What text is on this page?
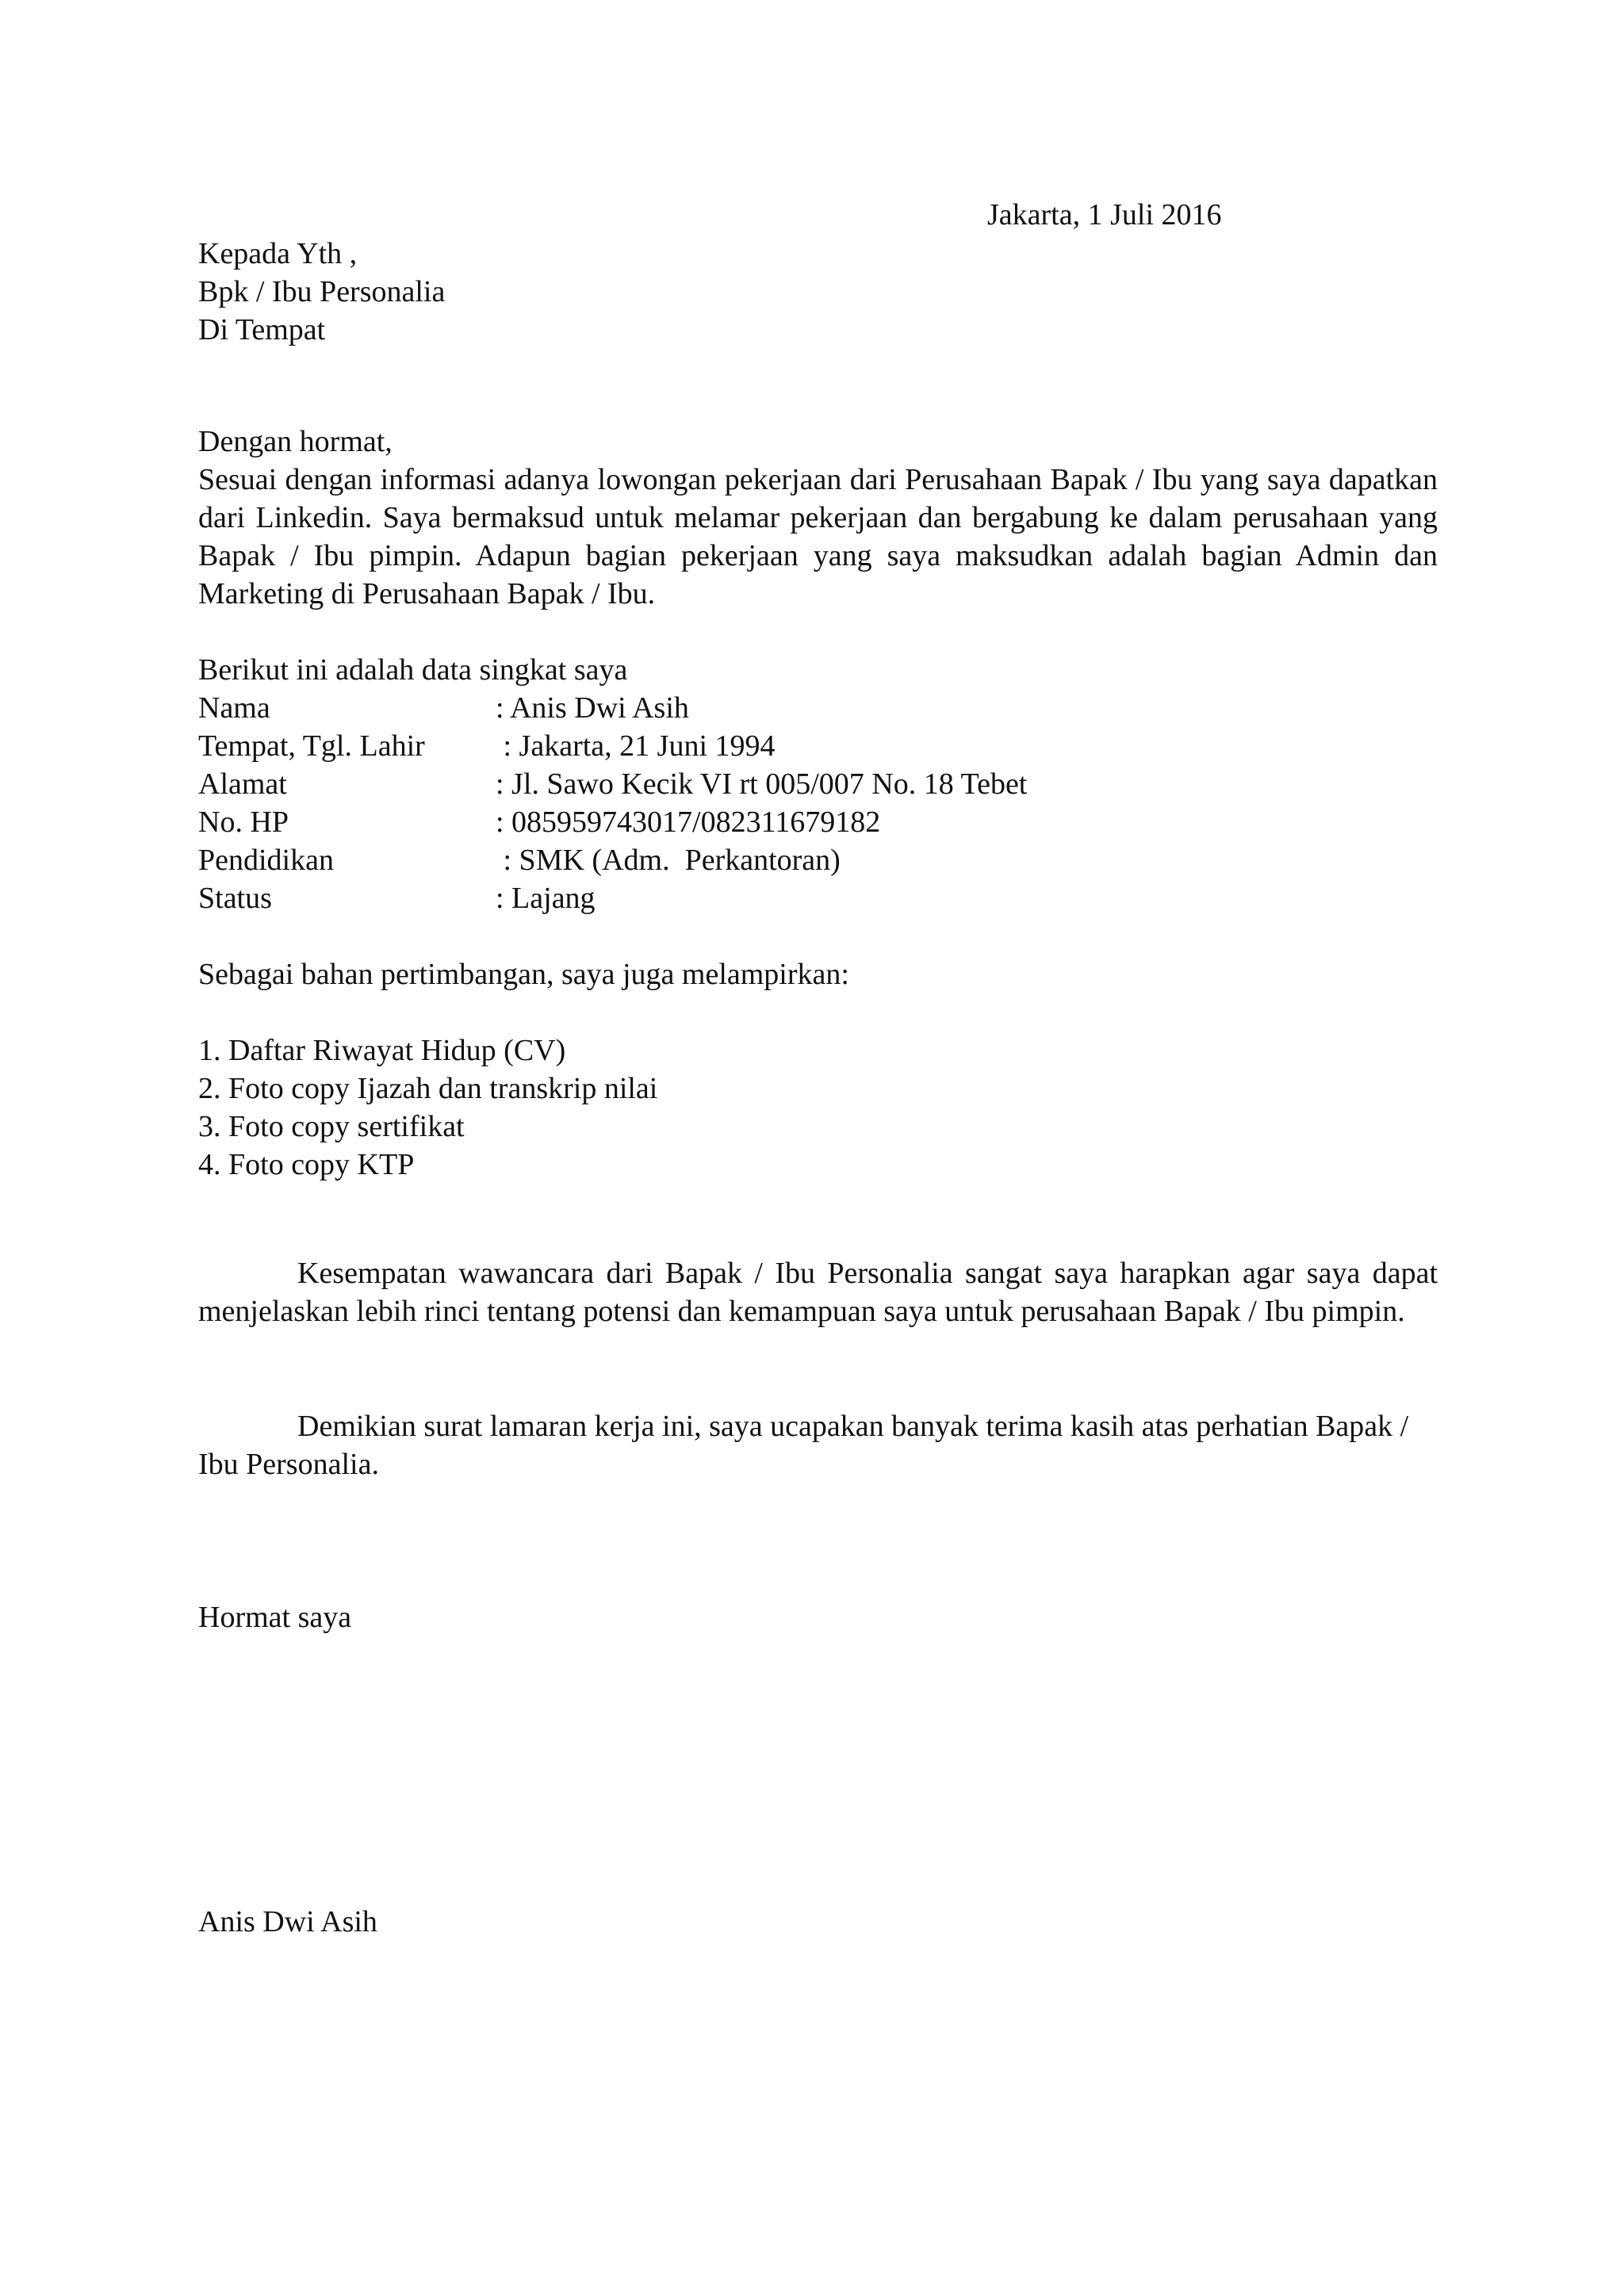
Jakarta, 1 Juli 2016
Kepada Yth ,
Bpk / Ibu Personalia
Di Tempat
Dengan hormat,
Sesuai dengan informasi adanya lowongan pekerjaan dari Perusahaan Bapak / Ibu yang saya dapatkan dari Linkedin. Saya bermaksud untuk melamar pekerjaan dan bergabung ke dalam perusahaan yang Bapak / Ibu pimpin. Adapun bagian pekerjaan yang saya maksudkan adalah bagian Admin dan Marketing di Perusahaan Bapak / Ibu.
Berikut ini adalah data singkat saya
Nama	: Anis Dwi Asih
Tempat, Tgl. Lahir	: Jakarta, 21 Juni 1994
Alamat	: Jl. Sawo Kecik VI rt 005/007 No. 18 Tebet
No. HP	: 085959743017/082311679182
Pendidikan	: SMK (Adm.  Perkantoran)
Status	: Lajang
Sebagai bahan pertimbangan, saya juga melampirkan:
1. Daftar Riwayat Hidup (CV)
2. Foto copy Ijazah dan transkrip nilai
3. Foto copy sertifikat
4. Foto copy KTP
Kesempatan wawancara dari Bapak / Ibu Personalia sangat saya harapkan agar saya dapat menjelaskan lebih rinci tentang potensi dan kemampuan saya untuk perusahaan Bapak / Ibu pimpin.
Demikian surat lamaran kerja ini, saya ucapakan banyak terima kasih atas perhatian Bapak / Ibu Personalia.
Hormat saya
Anis Dwi Asih
